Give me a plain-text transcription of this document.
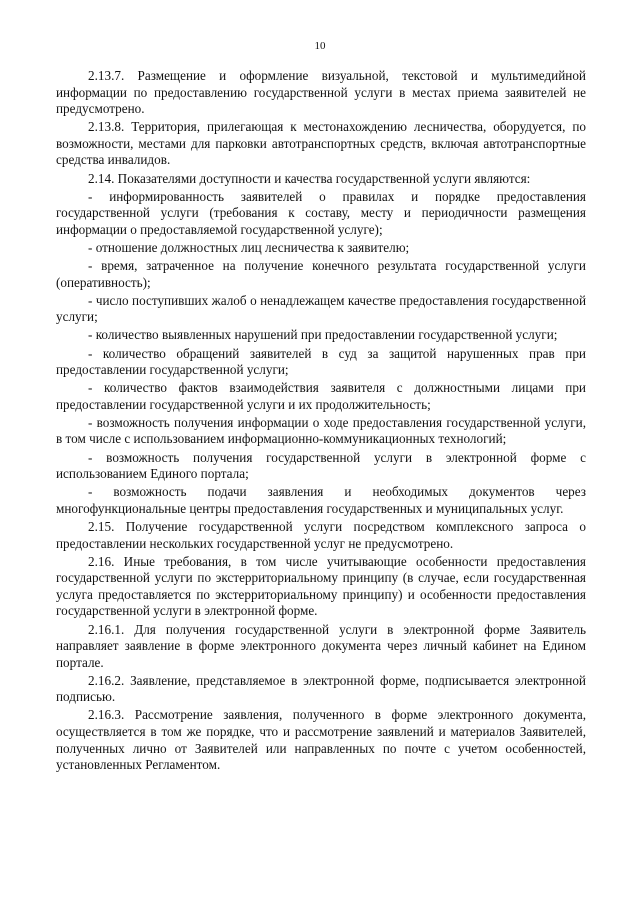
10

2.13.7. Размещение и оформление визуальной, текстовой и мультимедийной информации по предоставлению государственной услуги в местах приема заявителей не предусмотрено.

2.13.8. Территория, прилегающая к местонахождению лесничества, оборудуется, по возможности, местами для парковки автотранспортных средств, включая автотранспортные средства инвалидов.

2.14. Показателями доступности и качества государственной услуги являются:

- информированность заявителей о правилах и порядке предоставления государственной услуги (требования к составу, месту и периодичности размещения информации о предоставляемой государственной услуге);

- отношение должностных лиц лесничества к заявителю;

- время, затраченное на получение конечного результата государственной услуги (оперативность);

- число поступивших жалоб о ненадлежащем качестве предоставления государственной услуги;

- количество выявленных нарушений при предоставлении государственной услуги;

- количество обращений заявителей в суд за защитой нарушенных прав при предоставлении государственной услуги;

- количество фактов взаимодействия заявителя с должностными лицами при предоставлении государственной услуги и их продолжительность;

- возможность получения информации о ходе предоставления государственной услуги, в том числе с использованием информационно-коммуникационных технологий;

- возможность получения государственной услуги в электронной форме с использованием Единого портала;

- возможность подачи заявления и необходимых документов через многофункциональные центры предоставления государственных и муниципальных услуг.

2.15. Получение государственной услуги посредством комплексного запроса о предоставлении нескольких государственной услуг не предусмотрено.

2.16. Иные требования, в том числе учитывающие особенности предоставления государственной услуги по экстерриториальному принципу (в случае, если государственная услуга предоставляется по экстерриториальному принципу) и особенности предоставления государственной услуги в электронной форме.

2.16.1. Для получения государственной услуги в электронной форме Заявитель направляет заявление в форме электронного документа через личный кабинет на Едином портале.

2.16.2. Заявление, представляемое в электронной форме, подписывается электронной подписью.

2.16.3. Рассмотрение заявления, полученного в форме электронного документа, осуществляется в том же порядке, что и рассмотрение заявлений и материалов Заявителей, полученных лично от Заявителей или направленных по почте с учетом особенностей, установленных Регламентом.
